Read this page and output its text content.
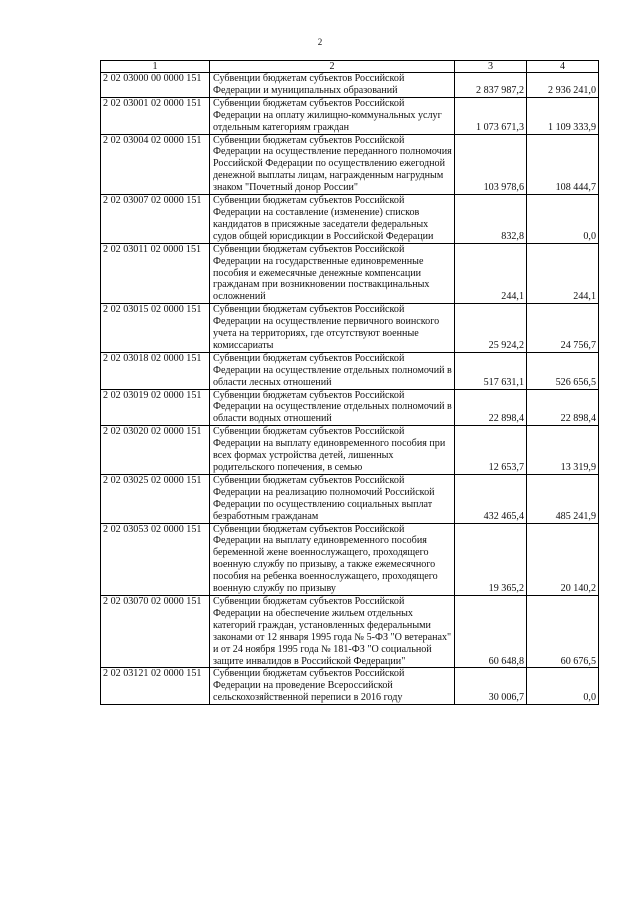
2
1	2	3	4
2 02 03000 00 0000 151	Субвенции бюджетам субъектов Российской Федерации и муниципальных образований	2 837 987,2	2 936 241,0
2 02 03001 02 0000 151	Субвенции бюджетам субъектов Российской Федерации на оплату жилищно-коммунальных услуг отдельным категориям граждан	1 073 671,3	1 109 333,9
2 02 03004 02 0000 151	Субвенции бюджетам субъектов Российской Федерации на осуществление переданного полномочия Российской Федерации по осуществлению ежегодной денежной выплаты лицам, награжденным нагрудным знаком "Почетный донор России"	103 978,6	108 444,7
2 02 03007 02 0000 151	Субвенции бюджетам субъектов Российской Федерации на составление (изменение) списков кандидатов в присяжные заседатели федеральных судов общей юрисдикции в Российской Федерации	832,8	0,0
2 02 03011 02 0000 151	Субвенции бюджетам субъектов Российской Федерации на государственные единовременные пособия и ежемесячные денежные компенсации гражданам при возникновении поствакцинальных осложнений	244,1	244,1
2 02 03015 02 0000 151	Субвенции бюджетам субъектов Российской Федерации на осуществление первичного воинского учета на территориях, где отсутствуют военные комиссариаты	25 924,2	24 756,7
2 02 03018 02 0000 151	Субвенции бюджетам субъектов Российской Федерации на осуществление отдельных полномочий в области лесных отношений	517 631,1	526 656,5
2 02 03019 02 0000 151	Субвенции бюджетам субъектов Российской Федерации на осуществление отдельных полномочий в области водных отношений	22 898,4	22 898,4
2 02 03020 02 0000 151	Субвенции бюджетам субъектов Российской Федерации на выплату единовременного пособия при всех формах устройства детей, лишенных родительского попечения, в семью	12 653,7	13 319,9
2 02 03025 02 0000 151	Субвенции бюджетам субъектов Российской Федерации на реализацию полномочий Российской Федерации по осуществлению социальных выплат безработным гражданам	432 465,4	485 241,9
2 02 03053 02 0000 151	Субвенции бюджетам субъектов Российской Федерации на выплату единовременного пособия беременной жене военнослужащего, проходящего военную службу по призыву, а также ежемесячного пособия на ребенка военнослужащего, проходящего военную службу по призыву	19 365,2	20 140,2
2 02 03070 02 0000 151	Субвенции бюджетам субъектов Российской Федерации на обеспечение жильем отдельных категорий граждан, установленных федеральными законами от 12 января 1995 года № 5-ФЗ "О ветеранах" и от 24 ноября 1995 года № 181-ФЗ "О социальной защите инвалидов в Российской Федерации"	60 648,8	60 676,5
2 02 03121 02 0000 151	Субвенции бюджетам субъектов Российской Федерации на проведение Всероссийской сельскохозяйственной переписи в 2016 году	30 006,7	0,0
